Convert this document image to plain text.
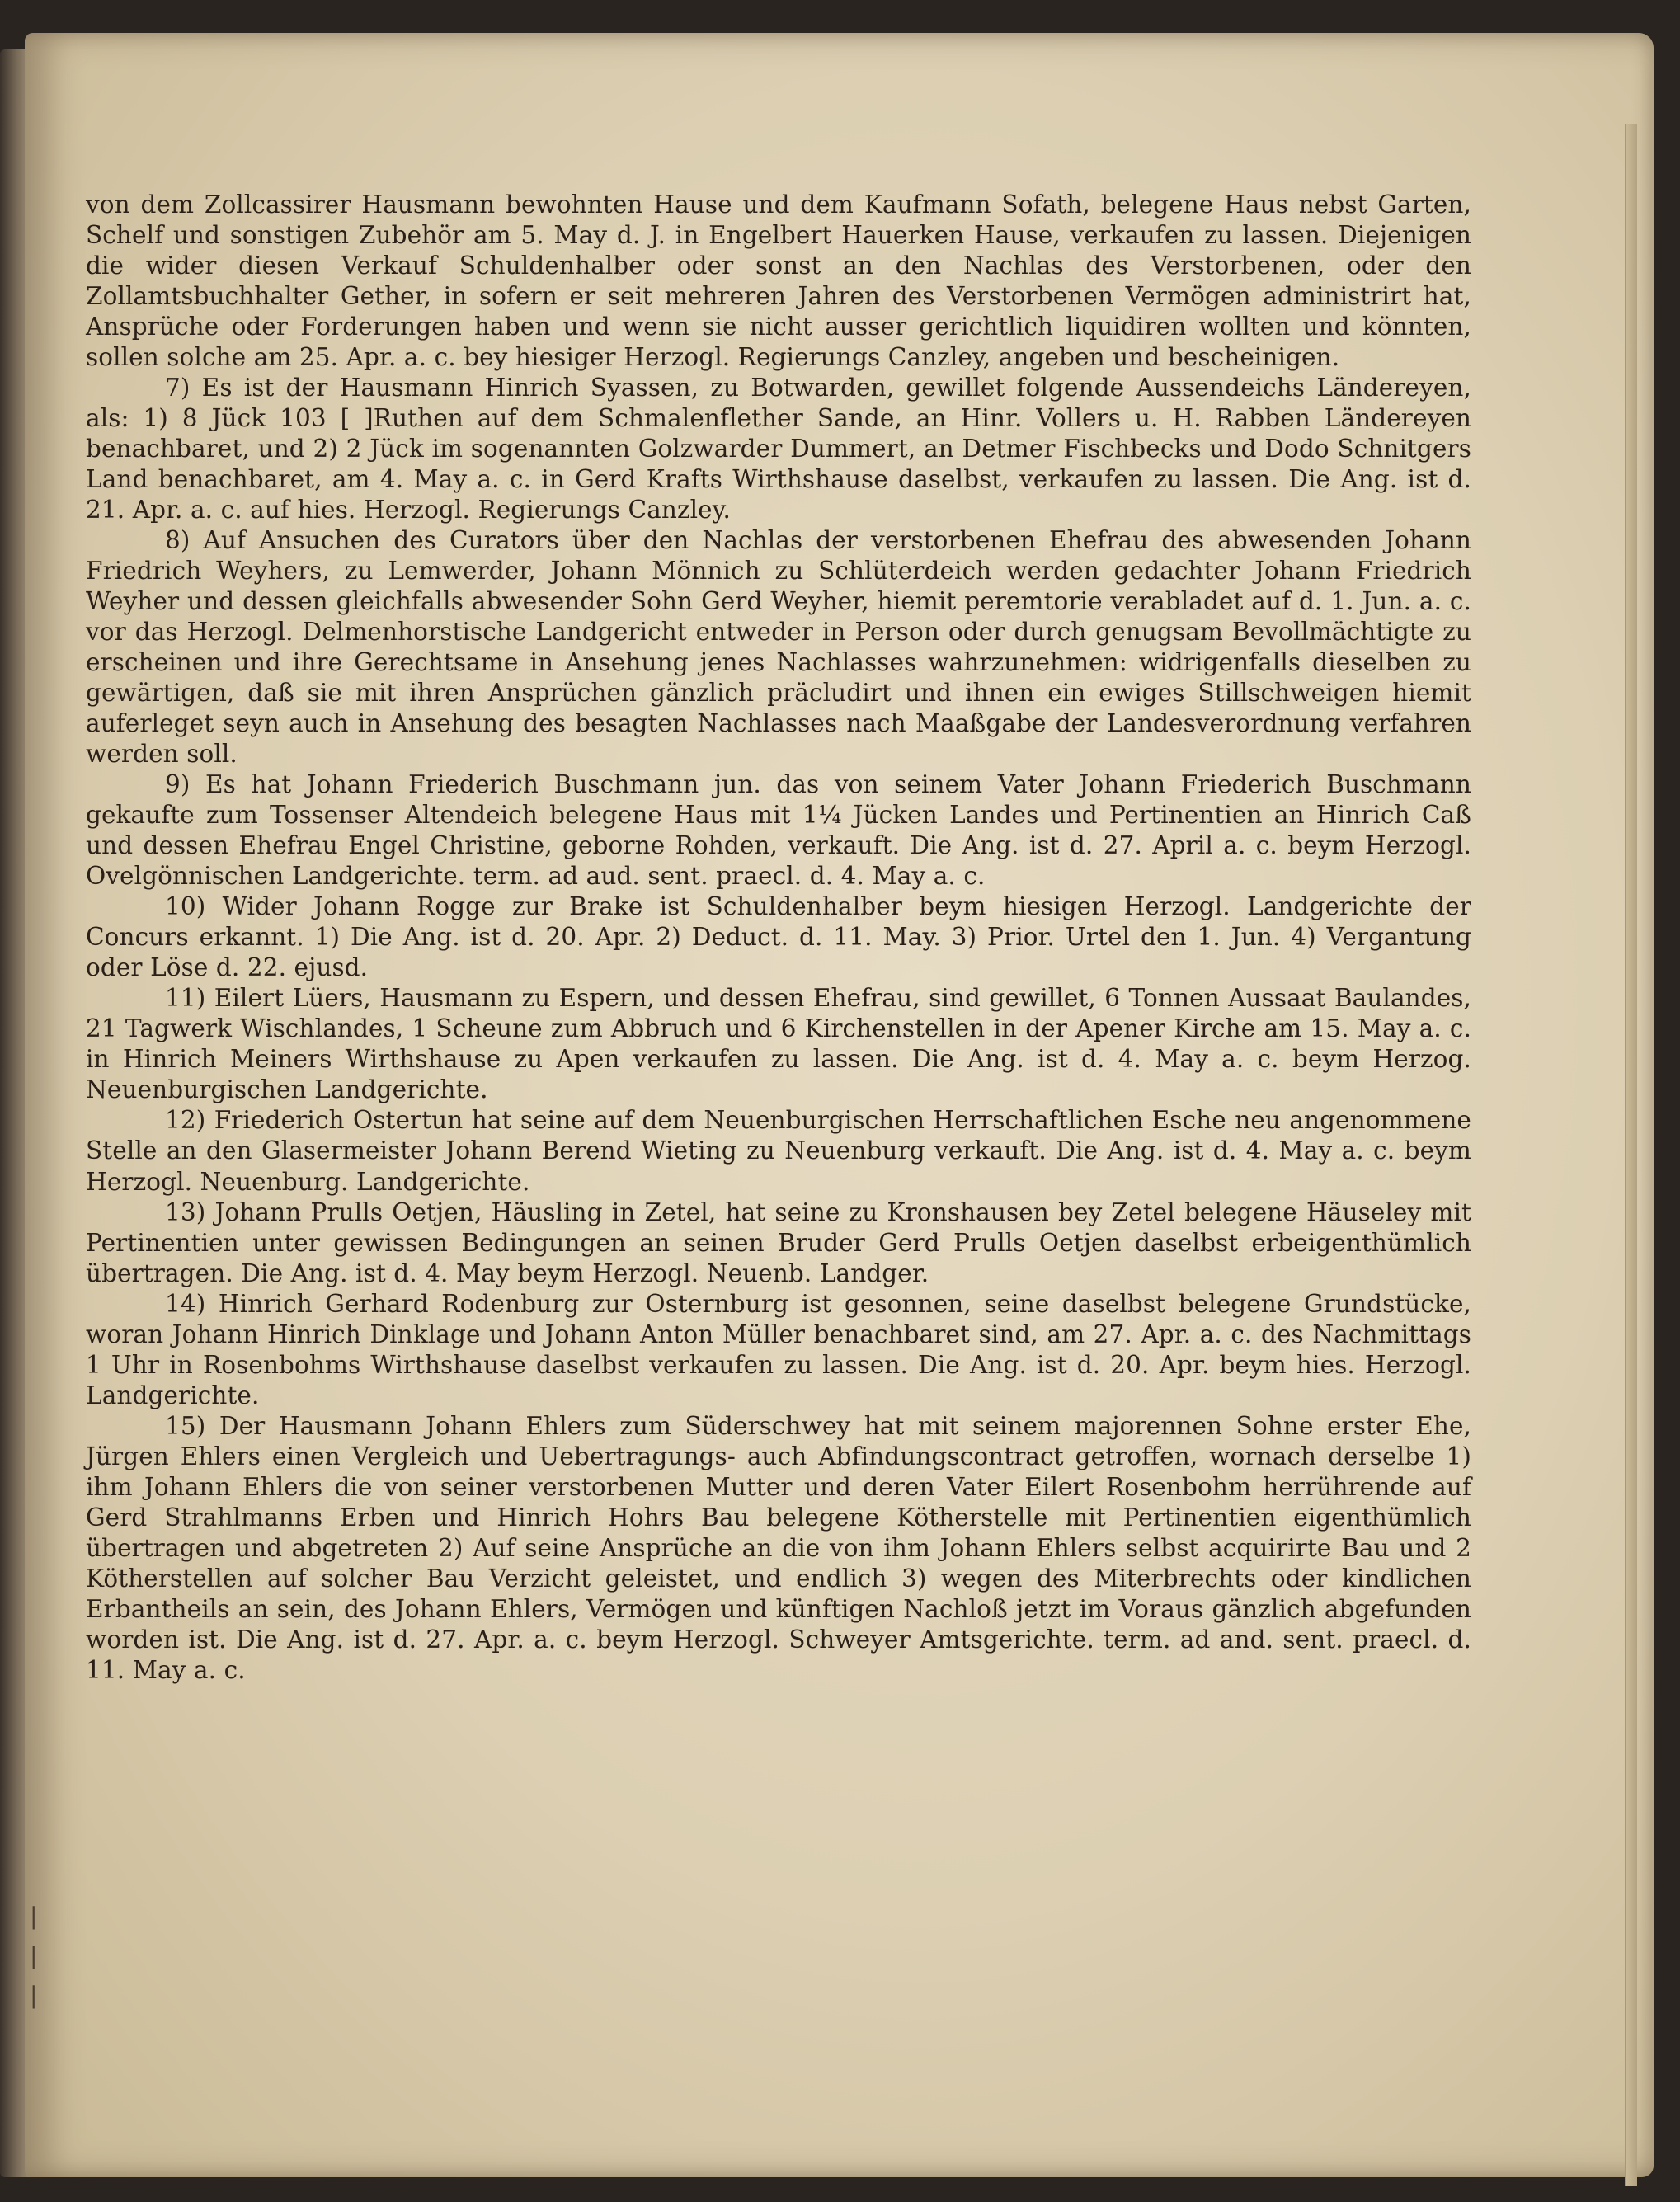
|
|
|

von dem Zollcassirer Hausmann bewohnten Hause und dem Kaufmann Sofath, belegene Haus nebst Garten, Schelf und sonstigen Zubehör am 5. May d. J. in Engelbert Hauerken Hause, verkaufen zu lassen. Diejenigen die wider diesen Verkauf Schuldenhalber oder sonst an den Nachlas des Verstorbenen, oder den Zollamtsbuchhalter Gether, in sofern er seit mehreren Jahren des Verstorbenen Vermögen administrirt hat, Ansprüche oder Forderungen haben und wenn sie nicht ausser gerichtlich liquidiren wollten und könnten, sollen solche am 25. Apr. a. c. bey hiesiger Herzogl. Regierungs Canzley, angeben und bescheinigen.

7) Es ist der Hausmann Hinrich Syassen, zu Botwarden, gewillet folgende Aussendeichs Ländereyen, als: 1) 8 Jück 103 [ ]Ruthen auf dem Schmalenflether Sande, an Hinr. Vollers u. H. Rabben Ländereyen benachbaret, und 2) 2 Jück im sogenannten Golzwarder Dummert, an Detmer Fischbecks und Dodo Schnitgers Land benachbaret, am 4. May a. c. in Gerd Krafts Wirthshause daselbst, verkaufen zu lassen. Die Ang. ist d. 21. Apr. a. c. auf hies. Herzogl. Regierungs Canzley.

8) Auf Ansuchen des Curators über den Nachlas der verstorbenen Ehefrau des abwesenden Johann Friedrich Weyhers, zu Lemwerder, Johann Mönnich zu Schlüterdeich werden gedachter Johann Friedrich Weyher und dessen gleichfalls abwesender Sohn Gerd Weyher, hiemit peremtorie verabladet auf d. 1. Jun. a. c. vor das Herzogl. Delmenhorstische Landgericht entweder in Person oder durch genugsam Bevollmächtigte zu erscheinen und ihre Gerechtsame in Ansehung jenes Nachlasses wahrzunehmen: widrigenfalls dieselben zu gewärtigen, daß sie mit ihren Ansprüchen gänzlich präcludirt und ihnen ein ewiges Stillschweigen hiemit auferleget seyn auch in Ansehung des besagten Nachlasses nach Maaßgabe der Landesverordnung verfahren werden soll.

9) Es hat Johann Friederich Buschmann jun. das von seinem Vater Johann Friederich Buschmann gekaufte zum Tossenser Altendeich belegene Haus mit 1¼ Jücken Landes und Pertinentien an Hinrich Caß und dessen Ehefrau Engel Christine, geborne Rohden, verkauft. Die Ang. ist d. 27. April a. c. beym Herzogl. Ovelgönnischen Landgerichte. term. ad aud. sent. praecl. d. 4. May a. c.

10) Wider Johann Rogge zur Brake ist Schuldenhalber beym hiesigen Herzogl. Landgerichte der Concurs erkannt. 1) Die Ang. ist d. 20. Apr. 2) Deduct. d. 11. May. 3) Prior. Urtel den 1. Jun. 4) Vergantung oder Löse d. 22. ejusd.

11) Eilert Lüers, Hausmann zu Espern, und dessen Ehefrau, sind gewillet, 6 Tonnen Aussaat Baulandes, 21 Tagwerk Wischlandes, 1 Scheune zum Abbruch und 6 Kirchenstellen in der Apener Kirche am 15. May a. c. in Hinrich Meiners Wirthshause zu Apen verkaufen zu lassen. Die Ang. ist d. 4. May a. c. beym Herzog. Neuenburgischen Landgerichte.

12) Friederich Ostertun hat seine auf dem Neuenburgischen Herrschaftlichen Esche neu angenommene Stelle an den Glasermeister Johann Berend Wieting zu Neuenburg verkauft. Die Ang. ist d. 4. May a. c. beym Herzogl. Neuenburg. Landgerichte.

13) Johann Prulls Oetjen, Häusling in Zetel, hat seine zu Kronshausen bey Zetel belegene Häuseley mit Pertinentien unter gewissen Bedingungen an seinen Bruder Gerd Prulls Oetjen daselbst erbeigenthümlich übertragen. Die Ang. ist d. 4. May beym Herzogl. Neuenb. Landger.

14) Hinrich Gerhard Rodenburg zur Osternburg ist gesonnen, seine daselbst belegene Grundstücke, woran Johann Hinrich Dinklage und Johann Anton Müller benachbaret sind, am 27. Apr. a. c. des Nachmittags 1 Uhr in Rosenbohms Wirthshause daselbst verkaufen zu lassen. Die Ang. ist d. 20. Apr. beym hies. Herzogl. Landgerichte.

15) Der Hausmann Johann Ehlers zum Süderschwey hat mit seinem majorennen Sohne erster Ehe, Jürgen Ehlers einen Vergleich und Uebertragungs- auch Abfindungscontract getroffen, wornach derselbe 1) ihm Johann Ehlers die von seiner verstorbenen Mutter und deren Vater Eilert Rosenbohm herrührende auf Gerd Strahlmanns Erben und Hinrich Hohrs Bau belegene Kötherstelle mit Pertinentien eigenthümlich übertragen und abgetreten 2) Auf seine Ansprüche an die von ihm Johann Ehlers selbst acquirirte Bau und 2 Kötherstellen auf solcher Bau Verzicht geleistet, und endlich 3) wegen des Miterbrechts oder kindlichen Erbantheils an sein, des Johann Ehlers, Vermögen und künftigen Nachloß jetzt im Voraus gänzlich abgefunden worden ist. Die Ang. ist d. 27. Apr. a. c. beym Herzogl. Schweyer Amtsgerichte. term. ad and. sent. praecl. d. 11. May a. c.
